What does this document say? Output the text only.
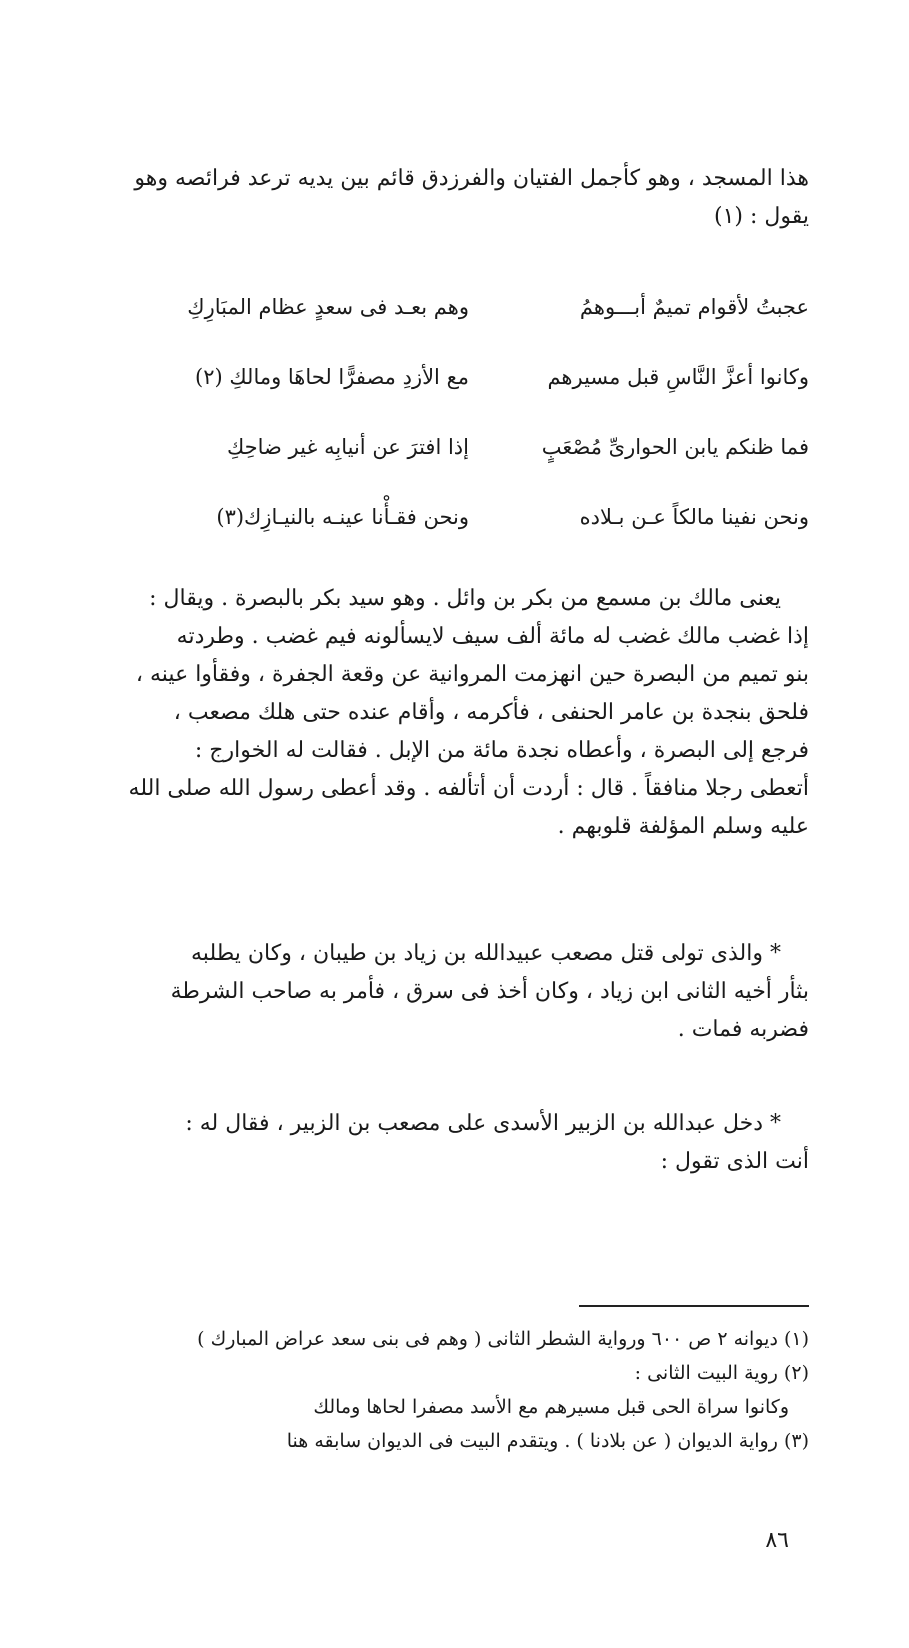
هذا المسجد ، وهو كأجمل الفتيان والفرزدق قائم بين يديه ترعد فرائصه وهو
يقول : (١)
عجبتُ لأقوام تميمٌ أبـــوهمُ
وهم بعـد فى سعدٍ عظام المبَارِكِ
وكانوا أعزَّ النَّاسِ قبل مسيرهم
مع الأزدِ مصفرًّا لحاهَا ومالكِ (٢)
فما ظنكم يابن الحوارىِّ مُصْعَبٍ
إذا افترَ عن أنيابِه غير ضاحِكِ
ونحن نفينا مالكاً عـن بـلاده
ونحن فقـأْنا عينـه بالنيـازِك(٣)
يعنى مالك بن مسمع من بكر بن وائل . وهو سيد بكر بالبصرة . ويقال :
إذا غضب مالك غضب له مائة ألف سيف لايسألونه فيم غضب . وطردته
بنو تميم من البصرة حين انهزمت المروانية عن وقعة الجفرة ، وفقأوا عينه ،
فلحق بنجدة بن عامر الحنفى ، فأكرمه ، وأقام عنده حتى هلك مصعب ،
فرجع إلى البصرة ، وأعطاه نجدة مائة من الإبل . فقالت له الخوارج :
أتعطى رجلا منافقاً . قال : أردت أن أتألفه . وقد أعطى رسول الله صلى الله
عليه وسلم المؤلفة قلوبهم .
* والذى تولى قتل مصعب عبيدالله بن زياد بن طيبان ، وكان يطلبه
بثأر أخيه الثانى ابن زياد ، وكان أخذ فى سرق ، فأمر به صاحب الشرطة
فضربه فمات .
* دخل عبدالله بن الزبير الأسدى على مصعب بن الزبير ، فقال له :
أنت الذى تقول :
(١) ديوانه ٢ ص ٦٠٠ ورواية الشطر الثانى ( وهم فى بنى سعد عراض المبارك )
(٢) روية البيت الثانى :
وكانوا سراة الحى قبل مسيرهم مع الأسد مصفرا لحاها ومالك
(٣) رواية الديوان ( عن بلادنا ) . ويتقدم البيت فى الديوان سابقه هنا
٨٦
